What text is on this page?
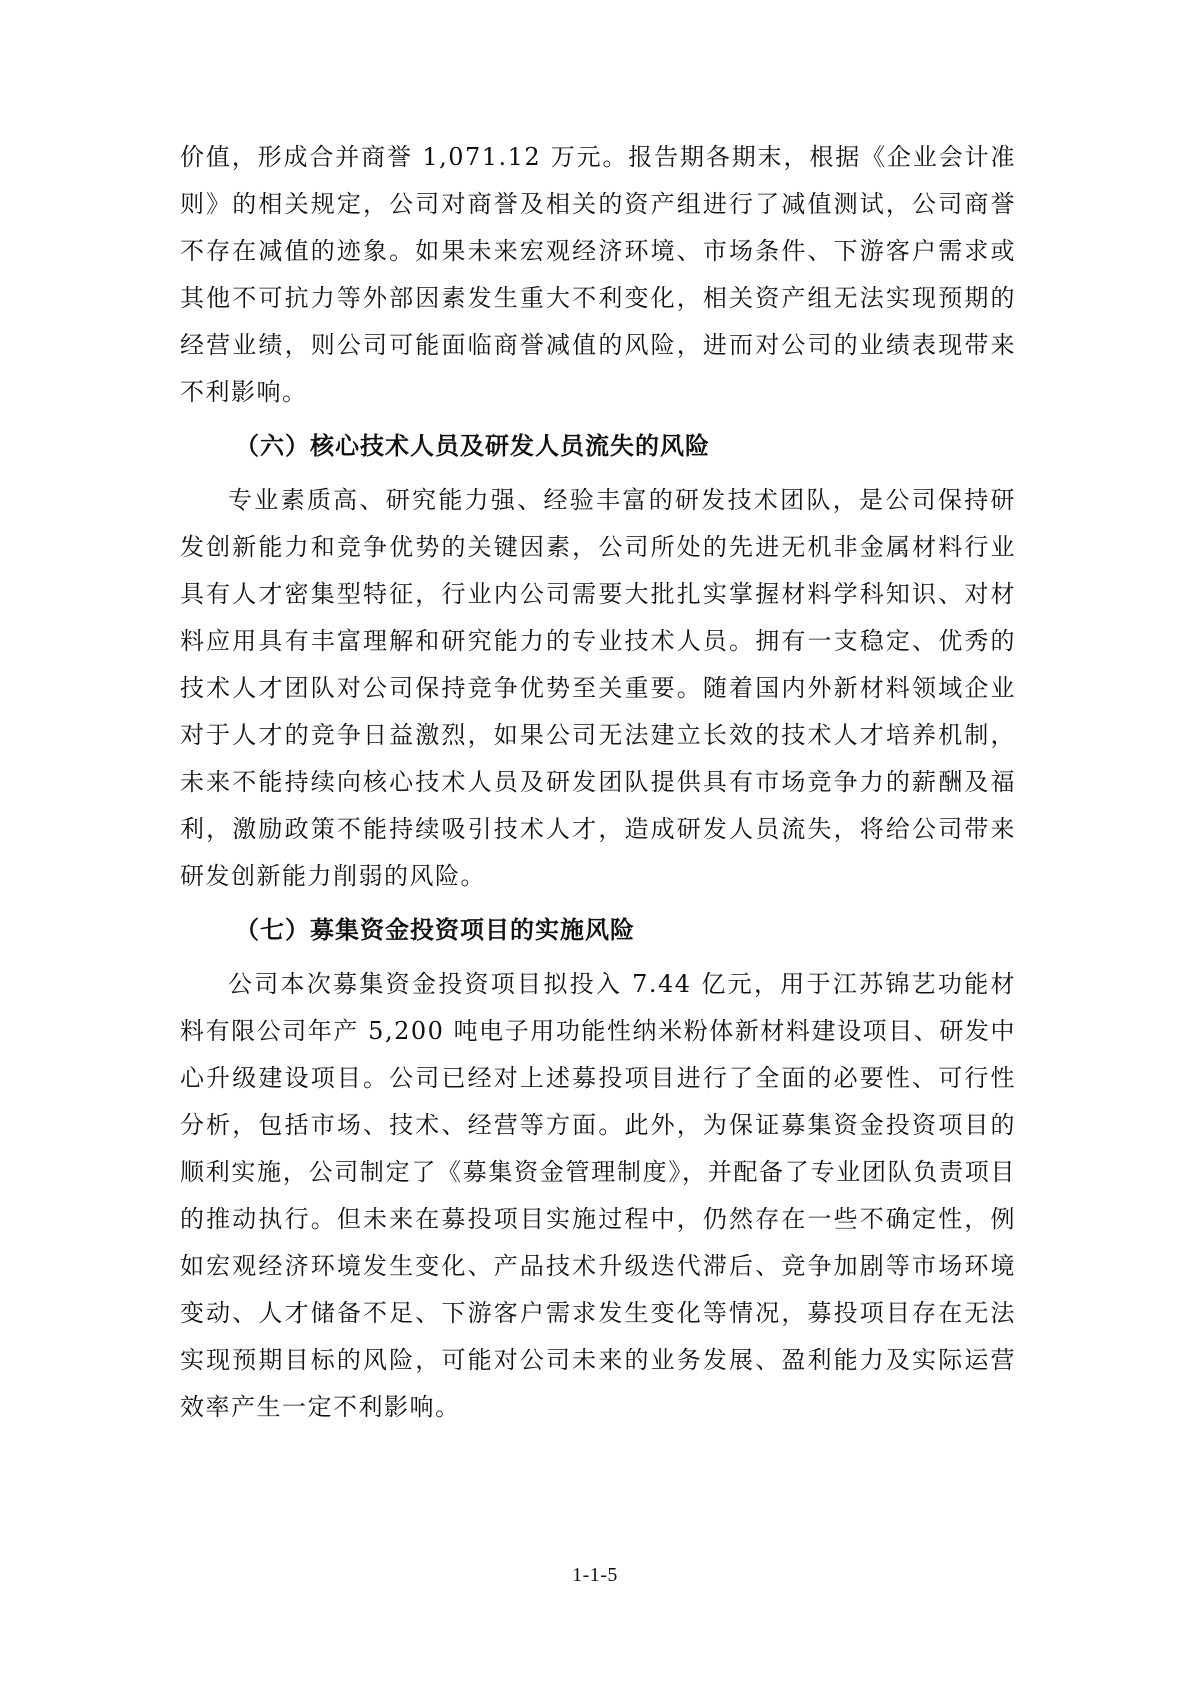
价值，形成合并商誉 1,071.12 万元。报告期各期末，根据《企业会计准则》的相关规定，公司对商誉及相关的资产组进行了减值测试，公司商誉不存在减值的迹象。如果未来宏观经济环境、市场条件、下游客户需求或其他不可抗力等外部因素发生重大不利变化，相关资产组无法实现预期的经营业绩，则公司可能面临商誉减值的风险，进而对公司的业绩表现带来不利影响。

（六）核心技术人员及研发人员流失的风险

专业素质高、研究能力强、经验丰富的研发技术团队，是公司保持研发创新能力和竞争优势的关键因素，公司所处的先进无机非金属材料行业具有人才密集型特征，行业内公司需要大批扎实掌握材料学科知识、对材料应用具有丰富理解和研究能力的专业技术人员。拥有一支稳定、优秀的技术人才团队对公司保持竞争优势至关重要。随着国内外新材料领域企业对于人才的竞争日益激烈，如果公司无法建立长效的技术人才培养机制，未来不能持续向核心技术人员及研发团队提供具有市场竞争力的薪酬及福利，激励政策不能持续吸引技术人才，造成研发人员流失，将给公司带来研发创新能力削弱的风险。

（七）募集资金投资项目的实施风险

公司本次募集资金投资项目拟投入 7.44 亿元，用于江苏锦艺功能材料有限公司年产 5,200 吨电子用功能性纳米粉体新材料建设项目、研发中心升级建设项目。公司已经对上述募投项目进行了全面的必要性、可行性分析，包括市场、技术、经营等方面。此外，为保证募集资金投资项目的顺利实施，公司制定了《募集资金管理制度》，并配备了专业团队负责项目的推动执行。但未来在募投项目实施过程中，仍然存在一些不确定性，例如宏观经济环境发生变化、产品技术升级迭代滞后、竞争加剧等市场环境变动、人才储备不足、下游客户需求发生变化等情况，募投项目存在无法实现预期目标的风险，可能对公司未来的业务发展、盈利能力及实际运营效率产生一定不利影响。

1-1-5
